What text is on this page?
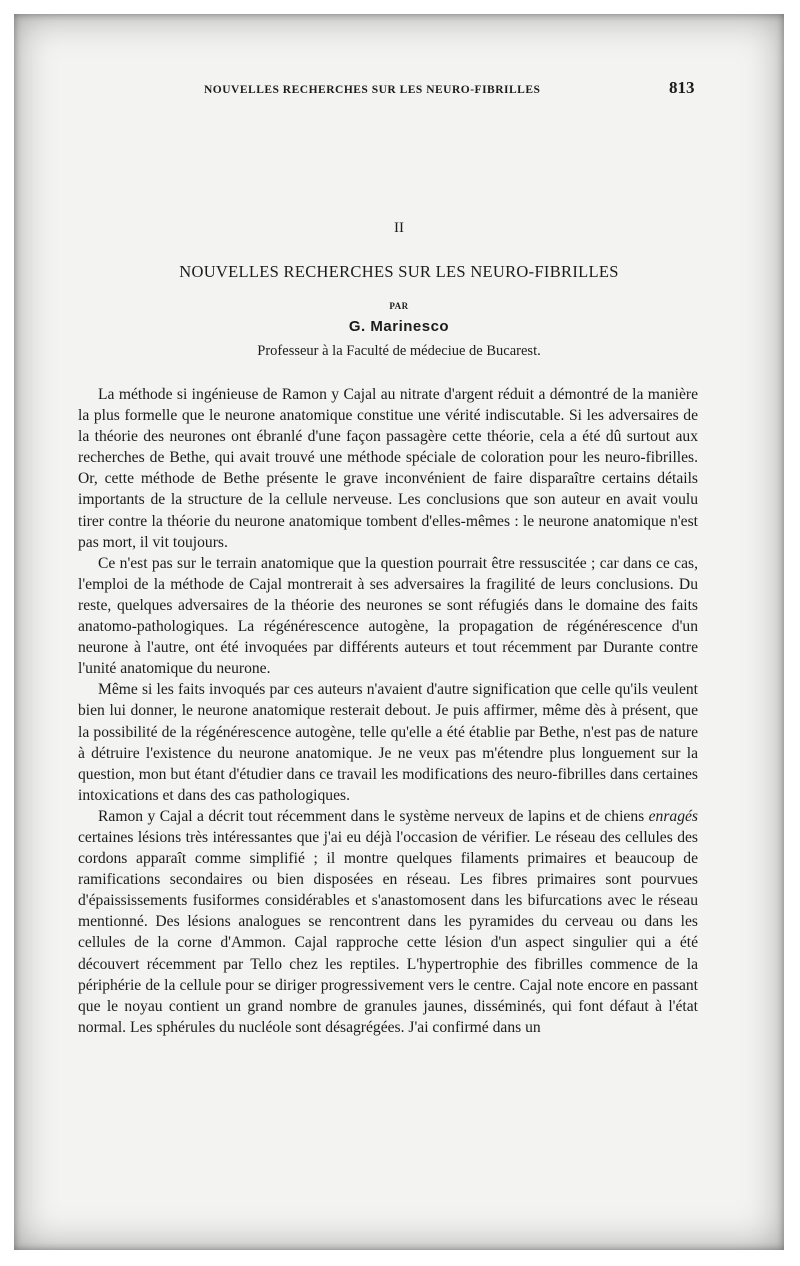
NOUVELLES RECHERCHES SUR LES NEURO-FIBRILLES	813
II
NOUVELLES RECHERCHES SUR LES NEURO-FIBRILLES
PAR
G. Marinesco
Professeur à la Faculté de médeciue de Bucarest.

La méthode si ingénieuse de Ramon y Cajal au nitrate d'argent réduit a démontré de la manière la plus formelle que le neurone anatomique constitue une vérité indiscutable. Si les adversaires de la théorie des neurones ont ébranlé d'une façon passagère cette théorie, cela a été dû surtout aux recherches de Bethe, qui avait trouvé une méthode spéciale de coloration pour les neuro-fibrilles. Or, cette méthode de Bethe présente le grave inconvénient de faire disparaître certains détails importants de la structure de la cellule nerveuse. Les conclusions que son auteur en avait voulu tirer contre la théorie du neurone anatomique tombent d'elles-mêmes : le neurone anatomique n'est pas mort, il vit toujours.

Ce n'est pas sur le terrain anatomique que la question pourrait être ressuscitée ; car dans ce cas, l'emploi de la méthode de Cajal montrerait à ses adversaires la fragilité de leurs conclusions. Du reste, quelques adversaires de la théorie des neurones se sont réfugiés dans le domaine des faits anatomo-pathologiques. La régénérescence autogène, la propagation de régénérescence d'un neurone à l'autre, ont été invoquées par différents auteurs et tout récemment par Durante contre l'unité anatomique du neurone.

Même si les faits invoqués par ces auteurs n'avaient d'autre signification que celle qu'ils veulent bien lui donner, le neurone anatomique resterait debout. Je puis affirmer, même dès à présent, que la possibilité de la régénérescence autogène, telle qu'elle a été établie par Bethe, n'est pas de nature à détruire l'existence du neurone anatomique. Je ne veux pas m'étendre plus longuement sur la question, mon but étant d'étudier dans ce travail les modifications des neuro-fibrilles dans certaines intoxications et dans des cas pathologiques.

Ramon y Cajal a décrit tout récemment dans le système nerveux de lapins et de chiens enragés certaines lésions très intéressantes que j'ai eu déjà l'occasion de vérifier. Le réseau des cellules des cordons apparaît comme simplifié ; il montre quelques filaments primaires et beaucoup de ramifications secondaires ou bien disposées en réseau. Les fibres primaires sont pourvues d'épaississements fusiformes considérables et s'anastomosent dans les bifurcations avec le réseau mentionné. Des lésions analogues se rencontrent dans les pyramides du cerveau ou dans les cellules de la corne d'Ammon. Cajal rapproche cette lésion d'un aspect singulier qui a été découvert récemment par Tello chez les reptiles. L'hypertrophie des fibrilles commence de la périphérie de la cellule pour se diriger progressivement vers le centre. Cajal note encore en passant que le noyau contient un grand nombre de granules jaunes, disséminés, qui font défaut à l'état normal. Les sphérules du nucléole sont désagrégées. J'ai confirmé dans un
